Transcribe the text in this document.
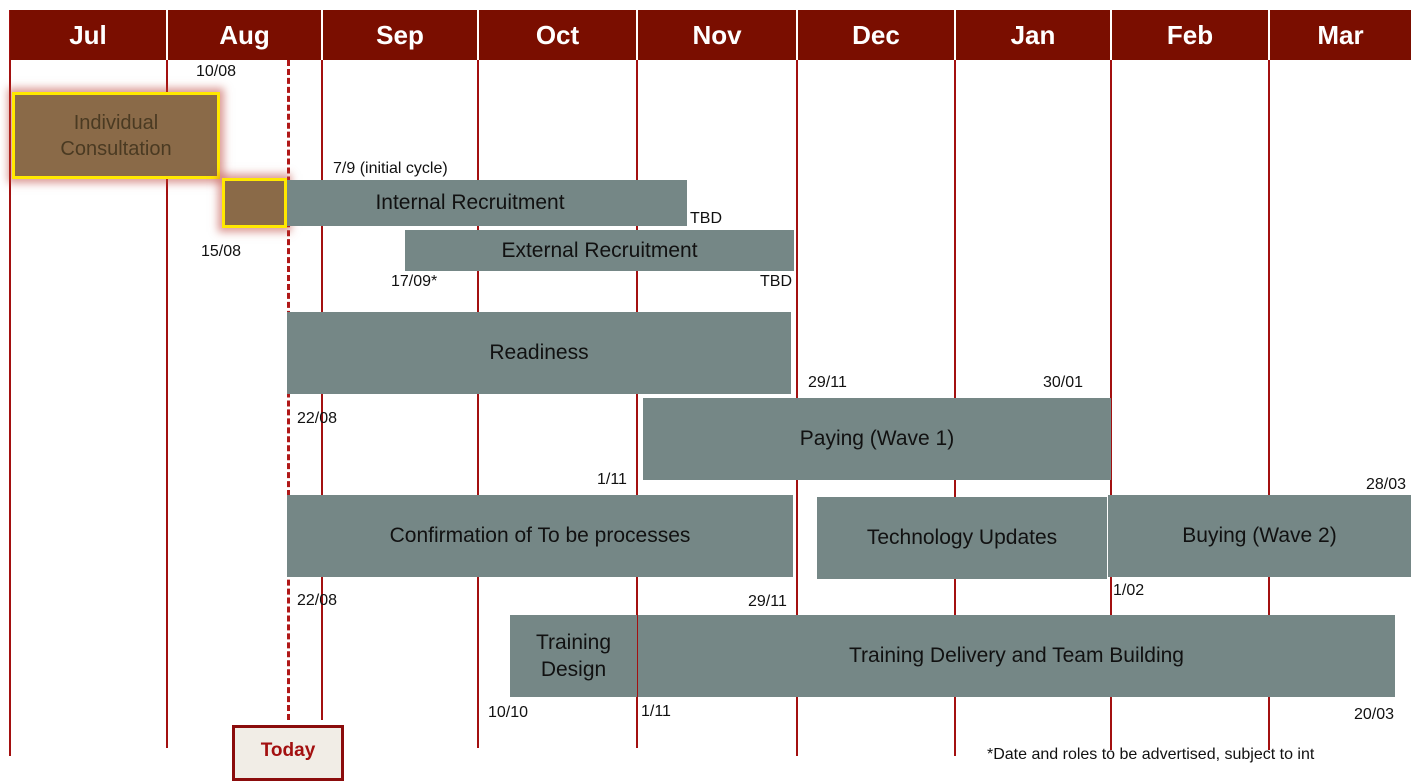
Jul	Aug	Sep	Oct	Nov	Dec	Jan	Feb	Mar
Individual Consultation
Internal Recruitment
External Recruitment
Readiness
Paying (Wave 1)
Confirmation of To be processes	Technology Updates	Buying (Wave 2)
Training Design
Training Delivery and Team Building
10/08
7/9 (initial cycle)
TBD
15/08
17/09*	TBD
22/08
29/11	30/01
1/11	28/03
22/08	29/11
1/02
10/10	1/11	20/03
Today	*Date and roles to be advertised, subject to int
